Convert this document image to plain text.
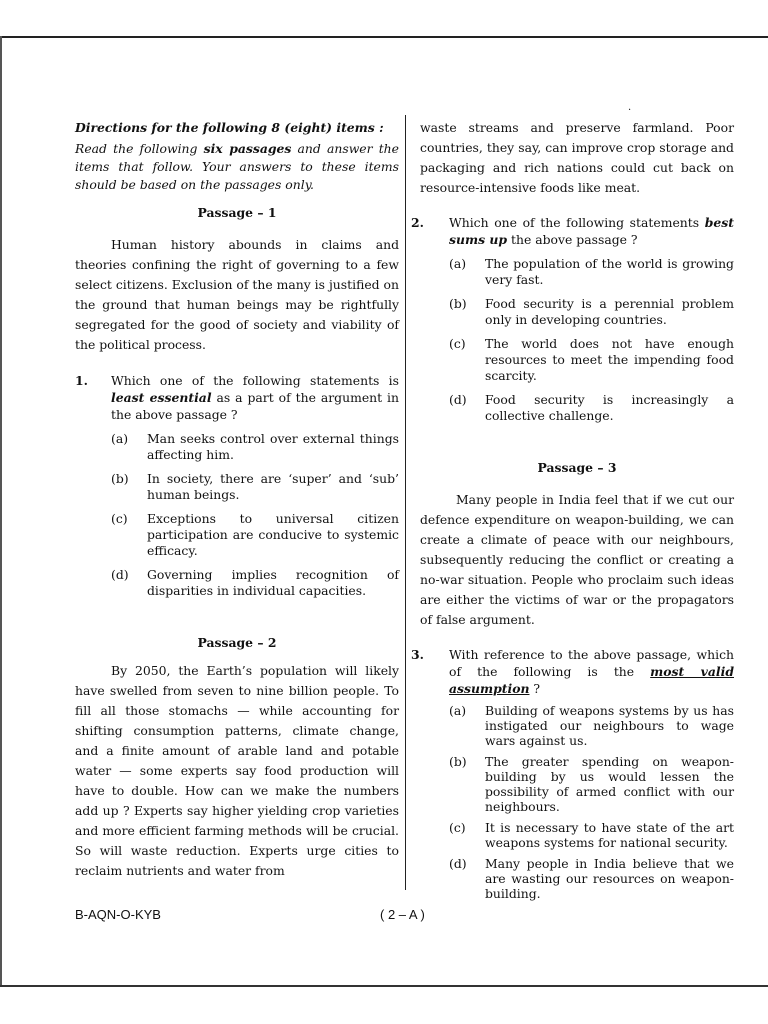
.
Directions for the following 8 (eight) items :
Read the following six passages and answer the items that follow. Your answers to these items should be based on the passages only.
Passage – 1
Human history abounds in claims and theories confining the right of governing to a few select citizens. Exclusion of the many is justified on the ground that human beings may be rightfully segregated for the good of society and viability of the political process.
1. Which one of the following statements is least essential as a part of the argument in the above passage ?
(a) Man seeks control over external things affecting him.
(b) In society, there are ‘super’ and ‘sub’ human beings.
(c) Exceptions to universal citizen participation are conducive to systemic efficacy.
(d) Governing implies recognition of disparities in individual capacities.
Passage – 2
By 2050, the Earth’s population will likely have swelled from seven to nine billion people. To fill all those stomachs — while accounting for shifting consumption patterns, climate change, and a finite amount of arable land and potable water — some experts say food production will have to double. How can we make the numbers add up ? Experts say higher yielding crop varieties and more efficient farming methods will be crucial. So will waste reduction. Experts urge cities to reclaim nutrients and water from
waste streams and preserve farmland. Poor countries, they say, can improve crop storage and packaging and rich nations could cut back on resource-intensive foods like meat.
2. Which one of the following statements best sums up the above passage ?
(a) The population of the world is growing very fast.
(b) Food security is a perennial problem only in developing countries.
(c) The world does not have enough resources to meet the impending food scarcity.
(d) Food security is increasingly a collective challenge.
Passage – 3
Many people in India feel that if we cut our defence expenditure on weapon-building, we can create a climate of peace with our neighbours, subsequently reducing the conflict or creating a no-war situation. People who proclaim such ideas are either the victims of war or the propagators of false argument.
3. With reference to the above passage, which of the following is the most valid assumption ?
(a) Building of weapons systems by us has instigated our neighbours to wage wars against us.
(b) The greater spending on weapon-building by us would lessen the possibility of armed conflict with our neighbours.
(c) It is necessary to have state of the art weapons systems for national security.
(d) Many people in India believe that we are wasting our resources on weapon-building.
B-AQN-O-KYB	( 2 – A )
